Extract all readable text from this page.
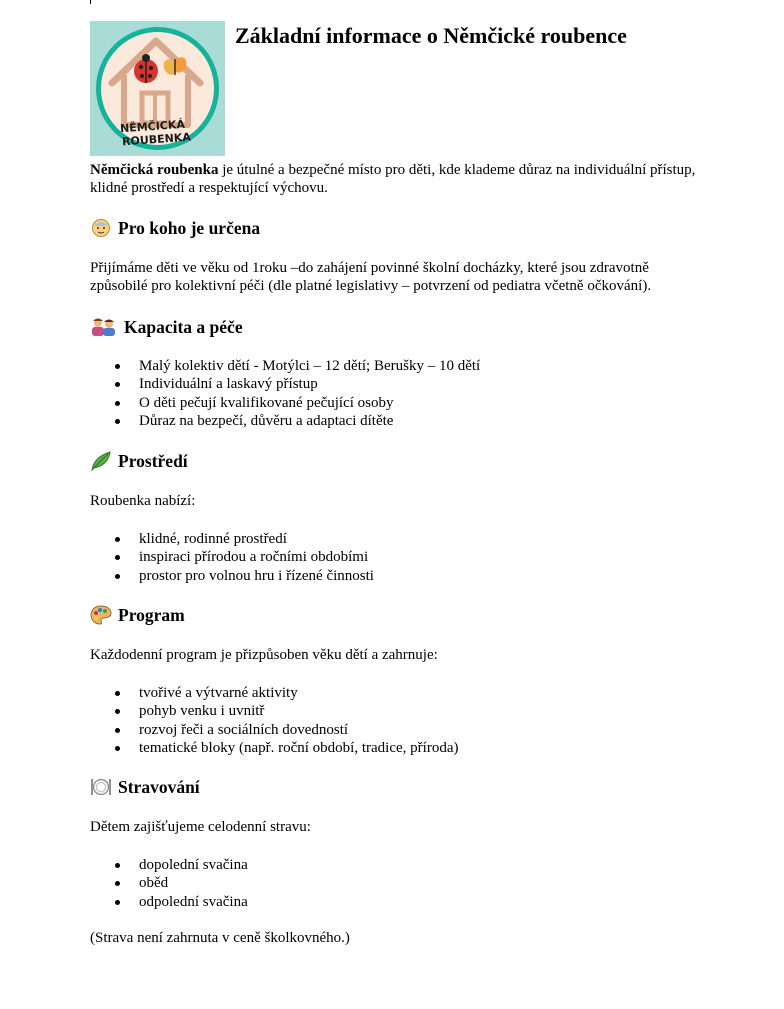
NĚMČICKÁ
ROUBENKA
Základní informace o Němčické roubence

Němčická roubenka je útulné a bezpečné místo pro děti, kde klademe důraz na individuální přístup, klidné prostředí a respektující výchovu.

Pro koho je určena

Přijímáme děti ve věku od 1roku –do zahájení povinné školní docházky, které jsou zdravotně způsobilé pro kolektivní péči (dle platné legislativy – potvrzení od pediatra včetně očkování).

Kapacita a péče
Malý kolektiv dětí - Motýlci – 12 dětí; Berušky – 10 dětí
Individuální a laskavý přístup
O děti pečují kvalifikované pečující osoby
Důraz na bezpečí, důvěru a adaptaci dítěte
Prostředí

Roubenka nabízí:

klidné, rodinné prostředí
inspiraci přírodou a ročními obdobími
prostor pro volnou hru i řízené činnosti
Program

Každodenní program je přizpůsoben věku dětí a zahrnuje:

tvořivé a výtvarné aktivity
pohyb venku i uvnitř
rozvoj řeči a sociálních dovedností
tematické bloky (např. roční období, tradice, příroda)
Stravování

Dětem zajišťujeme celodenní stravu:

dopolední svačina
oběd
odpolední svačina

(Strava není zahrnuta v ceně školkovného.)
